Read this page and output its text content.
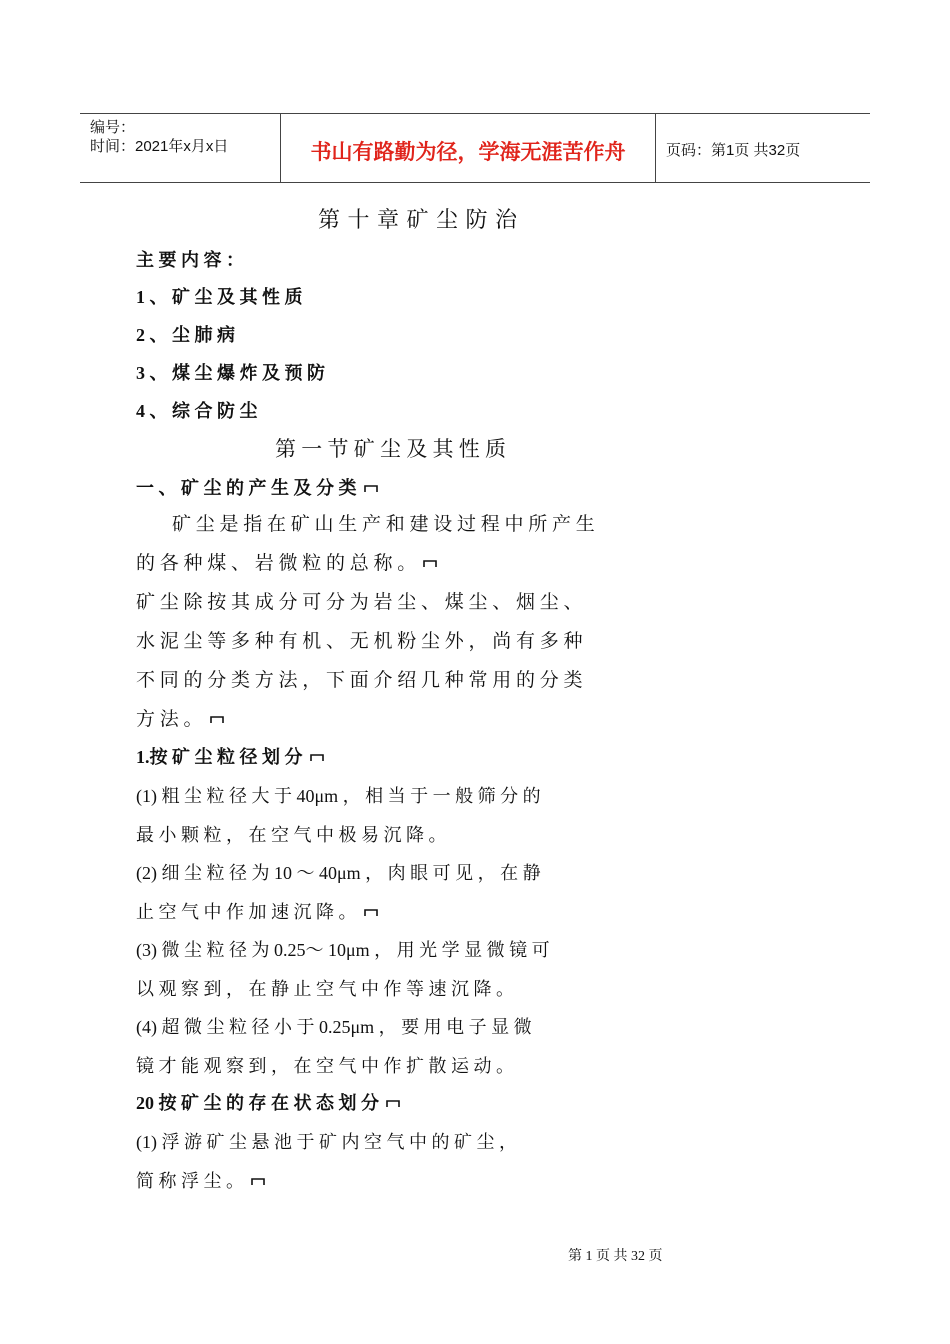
编号：
时间：2021年x月x日	书山有路勤为径，学海无涯苦作舟	页码：第1页 共32页
第 十 章 矿 尘 防 治
主 要 内 容 ：
1 、 矿 尘 及 其 性 质
2 、 尘 肺 病
3 、 煤 尘 爆 炸 及 预 防
4 、 综 合 防 尘
第 一 节 矿 尘 及 其 性 质
一 、 矿 尘 的 产 生 及 分 类
矿 尘 是 指 在 矿 山 生 产 和 建 设 过 程 中 所 产 生
的 各 种 煤 、 岩 微 粒 的 总 称 。
矿 尘 除 按 其 成 分 可 分 为 岩 尘 、 煤 尘 、 烟 尘 、
水 泥 尘 等 多 种 有 机 、 无 机 粉 尘 外 ， 尚 有 多 种
不 同 的 分 类 方 法 ， 下 面 介 绍 几 种 常 用 的 分 类
方 法 。
1.按 矿 尘 粒 径 划 分
(1) 粗 尘 粒 径 大 于 40μm ， 相 当 于 一 般 筛 分 的
最 小 颗 粒 ， 在 空 气 中 极 易 沉 降 。
(2) 细 尘 粒 径 为 10 ～ 40μm ， 肉 眼 可 见 ， 在 静
止 空 气 中 作 加 速 沉 降 。
(3) 微 尘 粒 径 为 0.25～ 10μm ， 用 光 学 显 微 镜 可
以 观 察 到 ， 在 静 止 空 气 中 作 等 速 沉 降 。
(4) 超 微 尘 粒 径 小 于 0.25μm ， 要 用 电 子 显 微
镜 才 能 观 察 到 ， 在 空 气 中 作 扩 散 运 动 。
20 按 矿 尘 的 存 在 状 态 划 分
(1) 浮 游 矿 尘 悬 池 于 矿 内 空 气 中 的 矿 尘 ，
简 称 浮 尘 。
第 1 页 共 32 页
